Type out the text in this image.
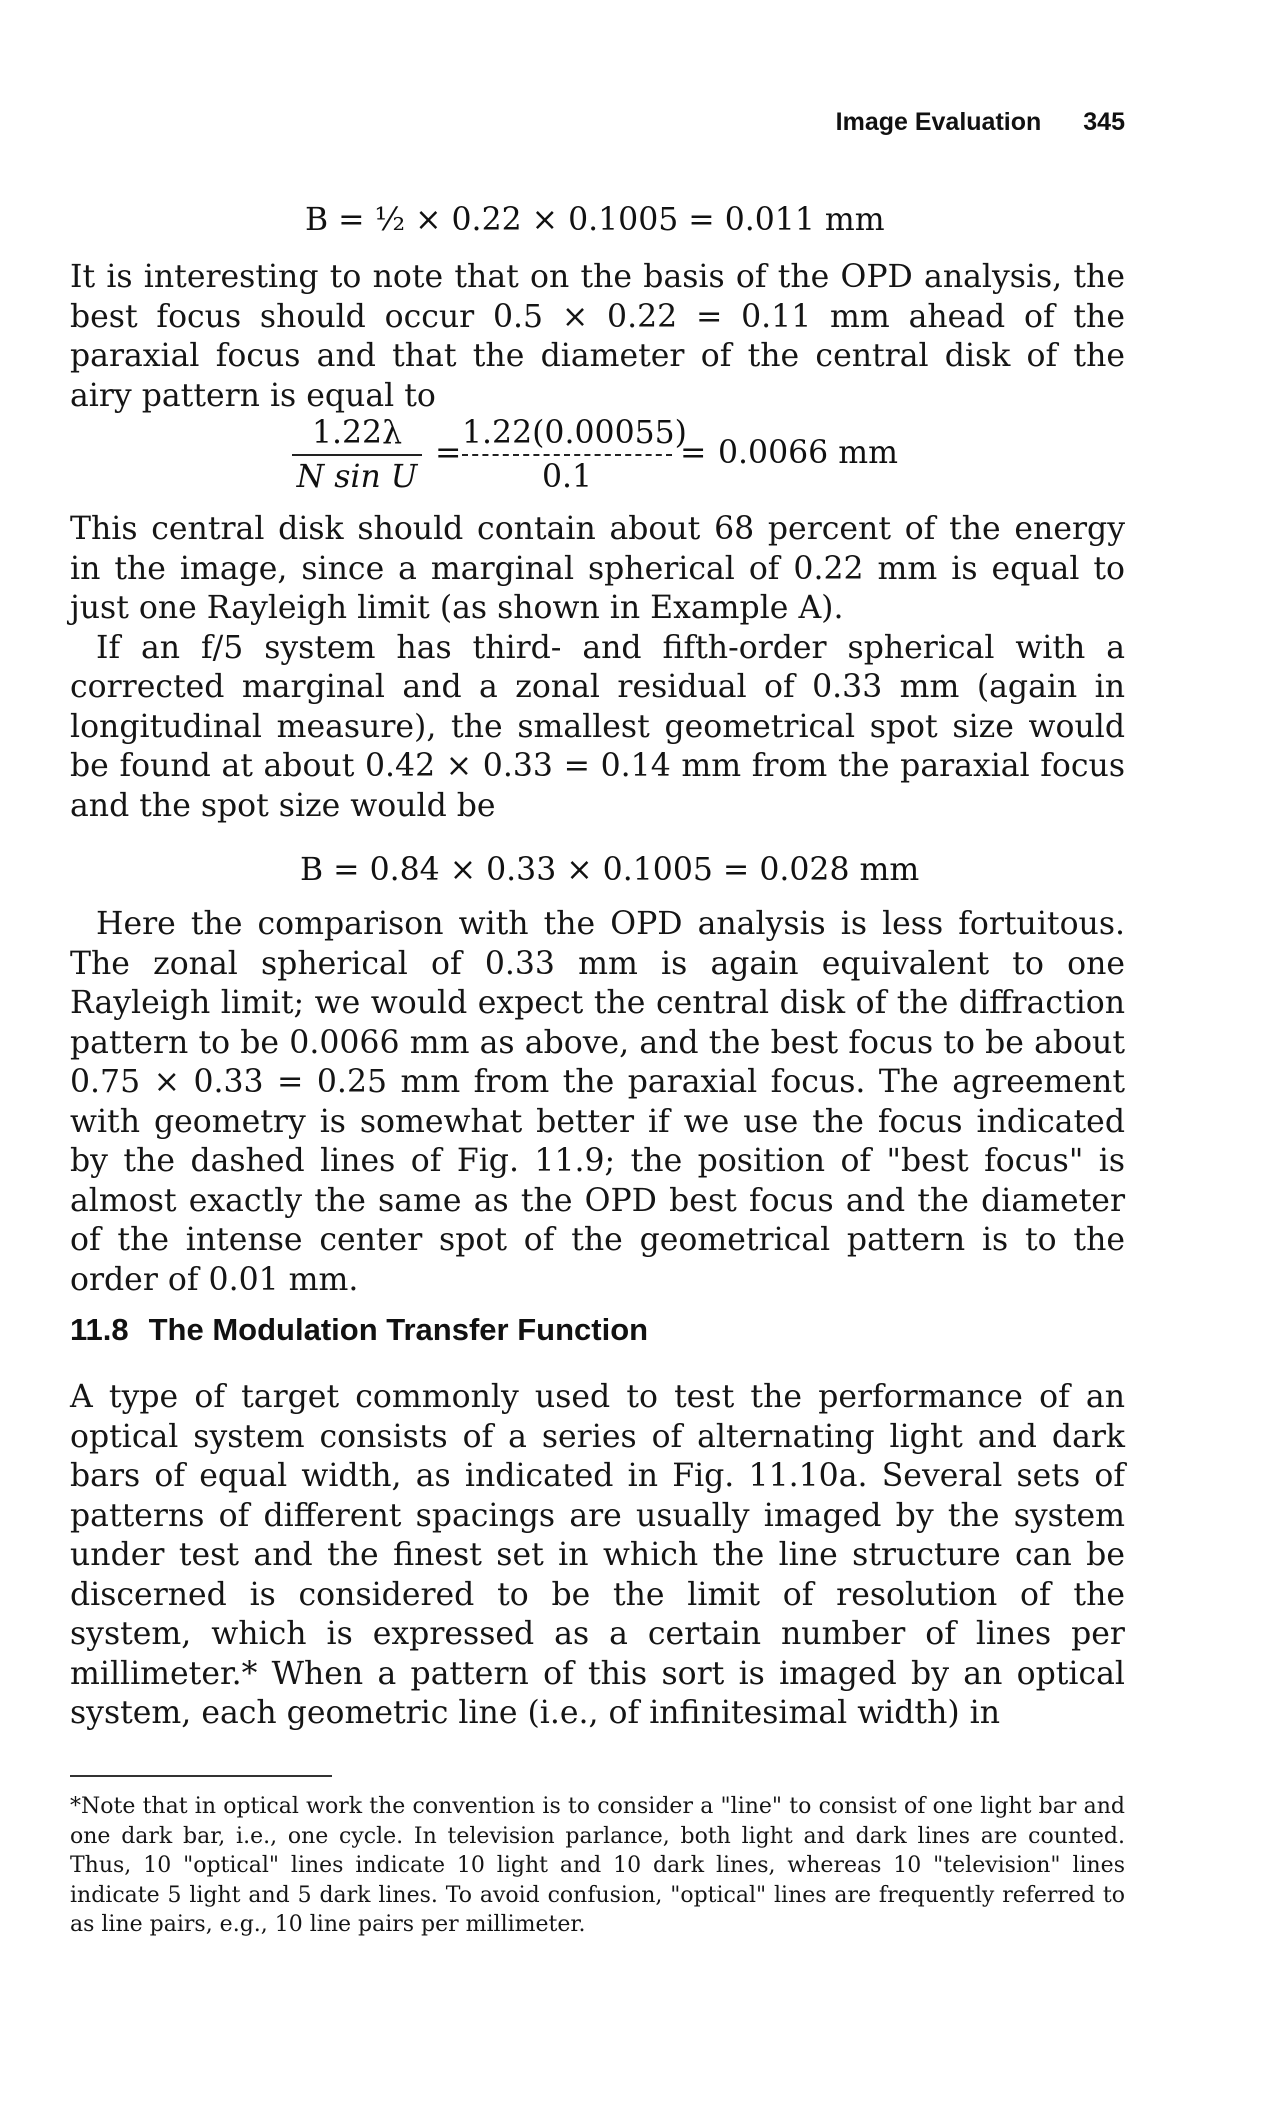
Image Evaluation 345
B = ½ × 0.22 × 0.1005 = 0.011 mm

It is interesting to note that on the basis of the OPD analysis, the best focus should occur 0.5 × 0.22 = 0.11 mm ahead of the paraxial focus and that the diameter of the central disk of the airy pattern is equal to

1.22λ
N sin U
=
1.22(0.00055)
0.1
= 0.0066 mm

This central disk should contain about 68 percent of the energy in the image, since a marginal spherical of 0.22 mm is equal to just one Rayleigh limit (as shown in Example A).

If an f/5 system has third- and fifth-order spherical with a corrected marginal and a zonal residual of 0.33 mm (again in longitudinal measure), the smallest geometrical spot size would be found at about 0.42 × 0.33 = 0.14 mm from the paraxial focus and the spot size would be

B = 0.84 × 0.33 × 0.1005 = 0.028 mm

Here the comparison with the OPD analysis is less fortuitous. The zonal spherical of 0.33 mm is again equivalent to one Rayleigh limit; we would expect the central disk of the diffraction pattern to be 0.0066 mm as above, and the best focus to be about 0.75 × 0.33 = 0.25 mm from the paraxial focus. The agreement with geometry is somewhat better if we use the focus indicated by the dashed lines of Fig. 11.9; the position of "best focus" is almost exactly the same as the OPD best focus and the diameter of the intense center spot of the geometrical pattern is to the order of 0.01 mm.

11.8 The Modulation Transfer Function

A type of target commonly used to test the performance of an optical system consists of a series of alternating light and dark bars of equal width, as indicated in Fig. 11.10a. Several sets of patterns of different spacings are usually imaged by the system under test and the finest set in which the line structure can be discerned is considered to be the limit of resolution of the system, which is expressed as a certain number of lines per millimeter.* When a pattern of this sort is imaged by an optical system, each geometric line (i.e., of infinitesimal width) in

*Note that in optical work the convention is to consider a "line" to consist of one light bar and one dark bar, i.e., one cycle. In television parlance, both light and dark lines are counted. Thus, 10 "optical" lines indicate 10 light and 10 dark lines, whereas 10 "television" lines indicate 5 light and 5 dark lines. To avoid confusion, "optical" lines are frequently referred to as line pairs, e.g., 10 line pairs per millimeter.
